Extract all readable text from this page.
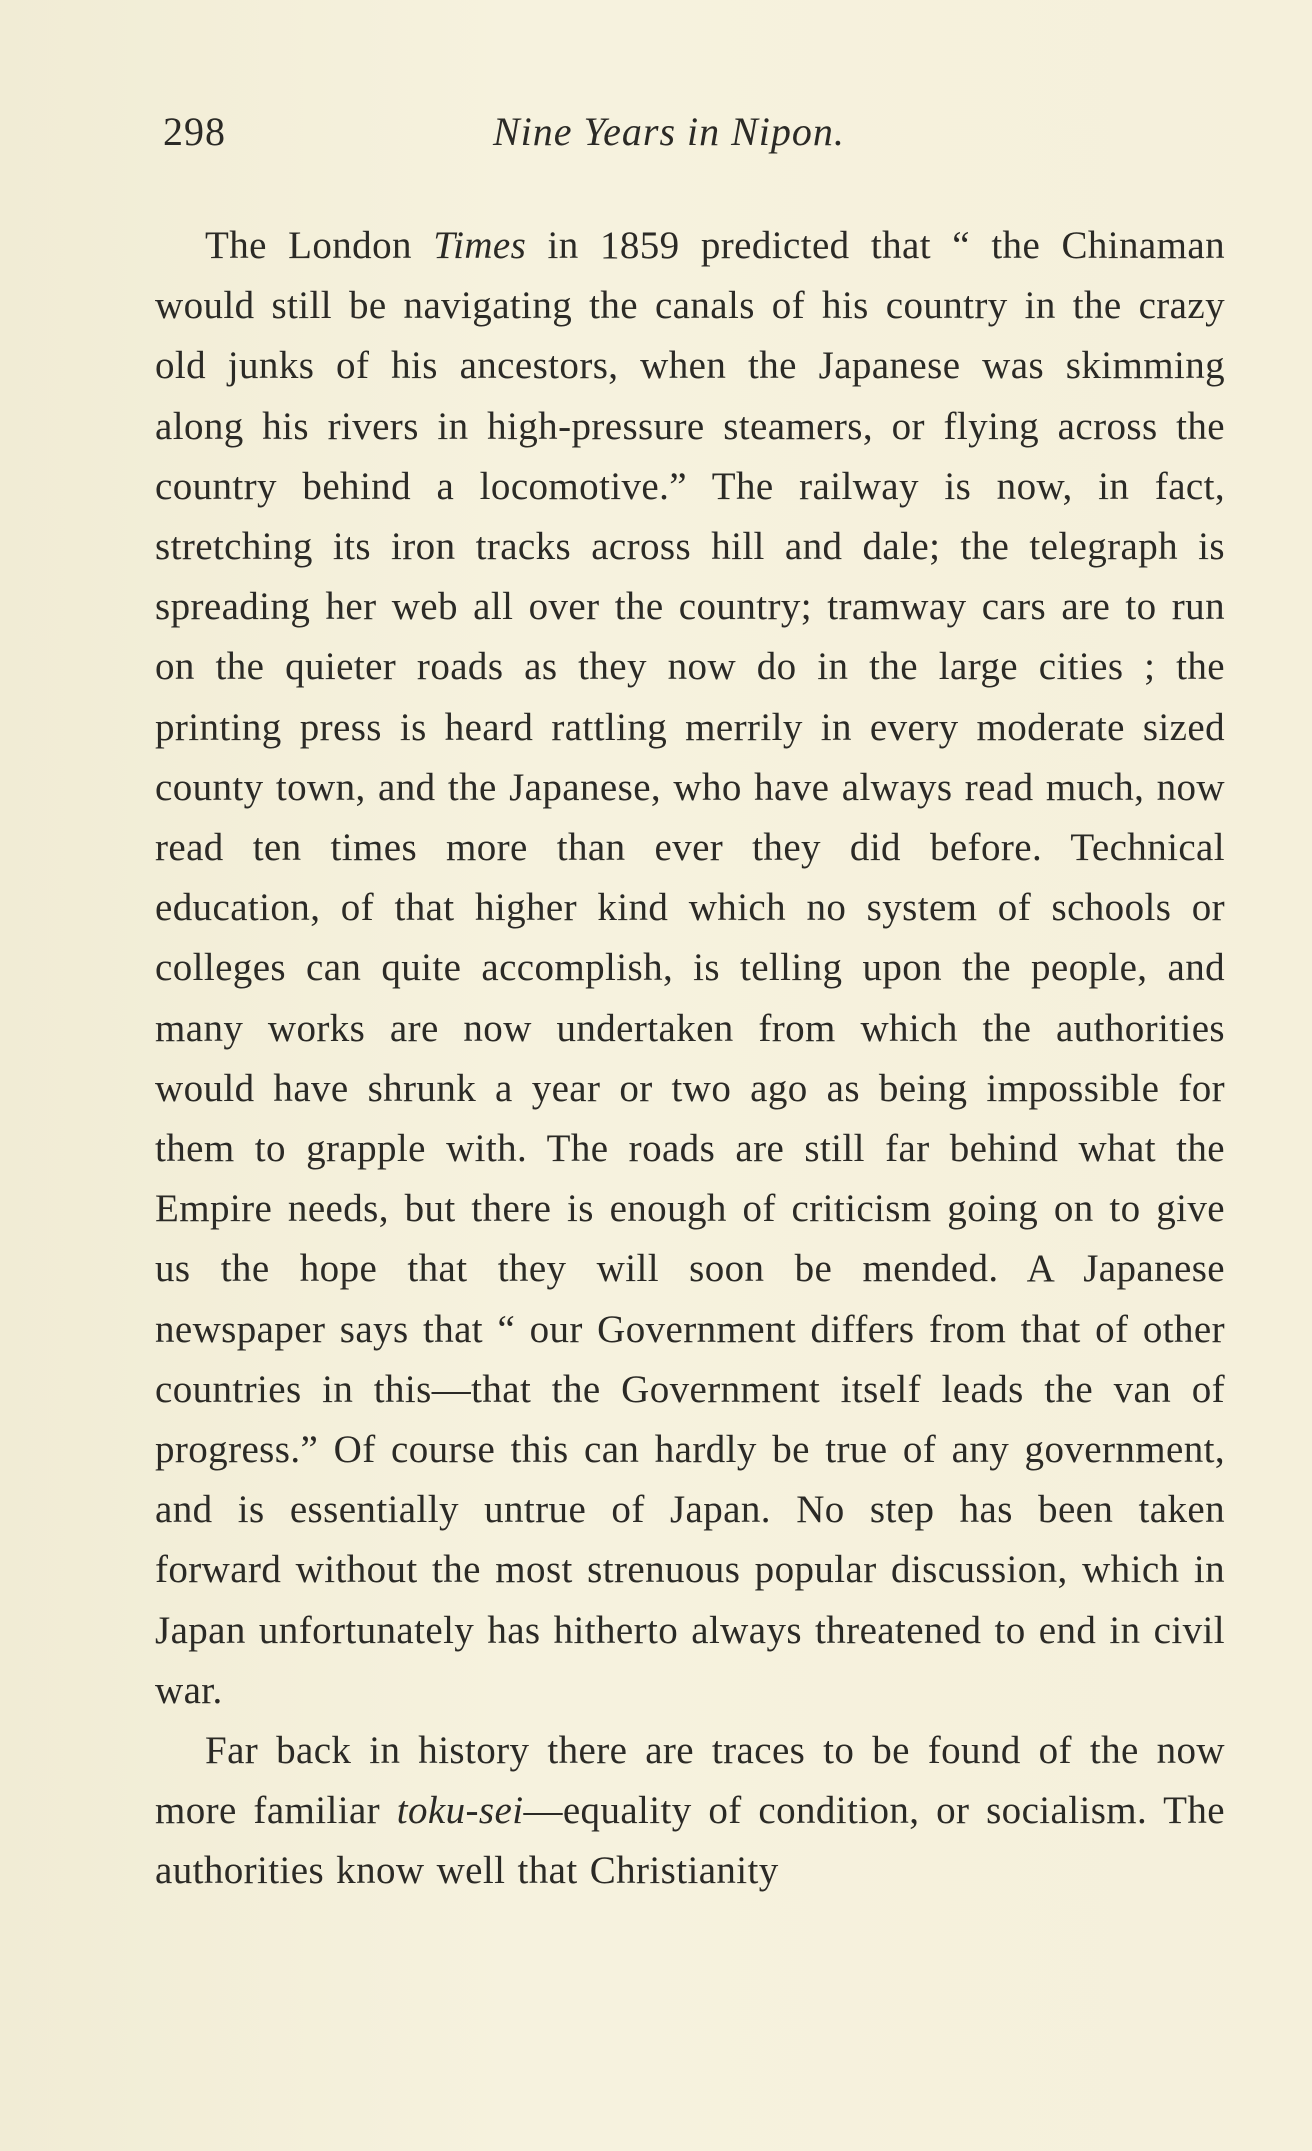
298	Nine Years in Nipon.

The London Times in 1859 predicted that “ the Chinaman would still be navigating the canals of his country in the crazy old junks of his ancestors, when the Japanese was skimming along his rivers in high-pressure steamers, or flying across the country behind a locomotive.” The railway is now, in fact, stretching its iron tracks across hill and dale; the telegraph is spreading her web all over the country; tramway cars are to run on the quieter roads as they now do in the large cities ; the printing press is heard rattling merrily in every moderate sized county town, and the Japanese, who have always read much, now read ten times more than ever they did before. Technical education, of that higher kind which no system of schools or colleges can quite accomplish, is telling upon the people, and many works are now undertaken from which the authorities would have shrunk a year or two ago as being impossible for them to grapple with. The roads are still far behind what the Empire needs, but there is enough of criticism going on to give us the hope that they will soon be mended. A Japanese newspaper says that “ our Government differs from that of other countries in this—that the Government itself leads the van of progress.” Of course this can hardly be true of any government, and is essentially untrue of Japan. No step has been taken forward without the most strenuous popular discussion, which in Japan unfortunately has hitherto always threatened to end in civil war.

Far back in history there are traces to be found of the now more familiar toku-sei—equality of condition, or socialism. The authorities know well that Christianity
